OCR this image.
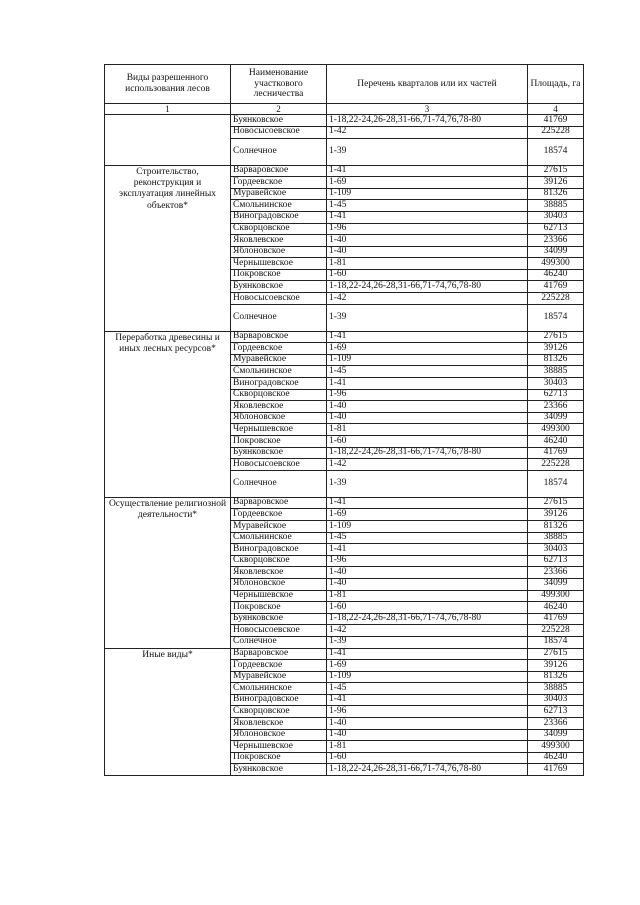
Виды разрешенного использования лесов	Наименование участкового лесничества	Перечень кварталов или их частей	Площадь, га
1	2	3	4
	Буянковское	1-18,22-24,26-28,31-66,71-74,76,78-80	41769
	Новосысоевское	1-42	225228
	Солнечное	1-39	18574
Строительство, реконструкция и эксплуатация линейных объектов*	Варваровское	1-41	27615
	Гордеевское	1-69	39126
	Муравейское	1-109	81326
	Смольнинское	1-45	38885
	Виноградовское	1-41	30403
	Скворцовское	1-96	62713
	Яковлевское	1-40	23366
	Яблоновское	1-40	34099
	Чернышевское	1-81	499300
	Покровское	1-60	46240
	Буянковское	1-18,22-24,26-28,31-66,71-74,76,78-80	41769
	Новосысоевское	1-42	225228
	Солнечное	1-39	18574
Переработка древесины и иных лесных ресурсов*	Варваровское	1-41	27615
	Гордеевское	1-69	39126
	Муравейское	1-109	81326
	Смольнинское	1-45	38885
	Виноградовское	1-41	30403
	Скворцовское	1-96	62713
	Яковлевское	1-40	23366
	Яблоновское	1-40	34099
	Чернышевское	1-81	499300
	Покровское	1-60	46240
	Буянковское	1-18,22-24,26-28,31-66,71-74,76,78-80	41769
	Новосысоевское	1-42	225228
	Солнечное	1-39	18574
Осуществление религиозной деятельности*	Варваровское	1-41	27615
	Гордеевское	1-69	39126
	Муравейское	1-109	81326
	Смольнинское	1-45	38885
	Виноградовское	1-41	30403
	Скворцовское	1-96	62713
	Яковлевское	1-40	23366
	Яблоновское	1-40	34099
	Чернышевское	1-81	499300
	Покровское	1-60	46240
	Буянковское	1-18,22-24,26-28,31-66,71-74,76,78-80	41769
	Новосысоевское	1-42	225228
	Солнечное	1-39	18574
Иные виды*	Варваровское	1-41	27615
	Гордеевское	1-69	39126
	Муравейское	1-109	81326
	Смольнинское	1-45	38885
	Виноградовское	1-41	30403
	Скворцовское	1-96	62713
	Яковлевское	1-40	23366
	Яблоновское	1-40	34099
	Чернышевское	1-81	499300
	Покровское	1-60	46240
	Буянковское	1-18,22-24,26-28,31-66,71-74,76,78-80	41769
